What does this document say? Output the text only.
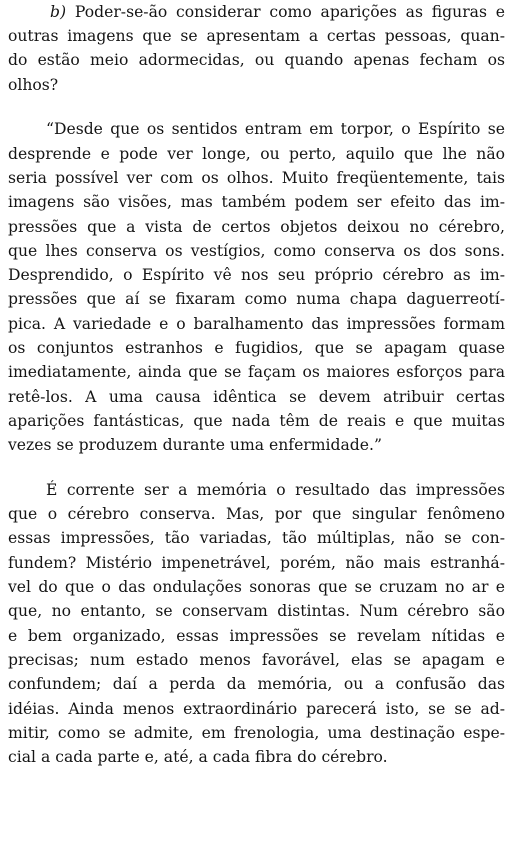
b) Poder-se-ão considerar como aparições as figuras e
outras imagens que se apresentam a certas pessoas, quan-
do estão meio adormecidas, ou quando apenas fecham os
olhos?
“Desde que os sentidos entram em torpor, o Espírito se
desprende e pode ver longe, ou perto, aquilo que lhe não
seria possível ver com os olhos. Muito freqüentemente, tais
imagens são visões, mas também podem ser efeito das im-
pressões que a vista de certos objetos deixou no cérebro,
que lhes conserva os vestígios, como conserva os dos sons.
Desprendido, o Espírito vê nos seu próprio cérebro as im-
pressões que aí se fixaram como numa chapa daguerreotí-
pica. A variedade e o baralhamento das impressões formam
os conjuntos estranhos e fugidios, que se apagam quase
imediatamente, ainda que se façam os maiores esforços para
retê-los. A uma causa idêntica se devem atribuir certas
aparições fantásticas, que nada têm de reais e que muitas
vezes se produzem durante uma enfermidade.”
É corrente ser a memória o resultado das impressões
que o cérebro conserva. Mas, por que singular fenômeno
essas impressões, tão variadas, tão múltiplas, não se con-
fundem? Mistério impenetrável, porém, não mais estranhá-
vel do que o das ondulações sonoras que se cruzam no ar e
que, no entanto, se conservam distintas. Num cérebro são
e bem organizado, essas impressões se revelam nítidas e
precisas; num estado menos favorável, elas se apagam e
confundem; daí a perda da memória, ou a confusão das
idéias. Ainda menos extraordinário parecerá isto, se se ad-
mitir, como se admite, em frenologia, uma destinação espe-
cial a cada parte e, até, a cada fibra do cérebro.
